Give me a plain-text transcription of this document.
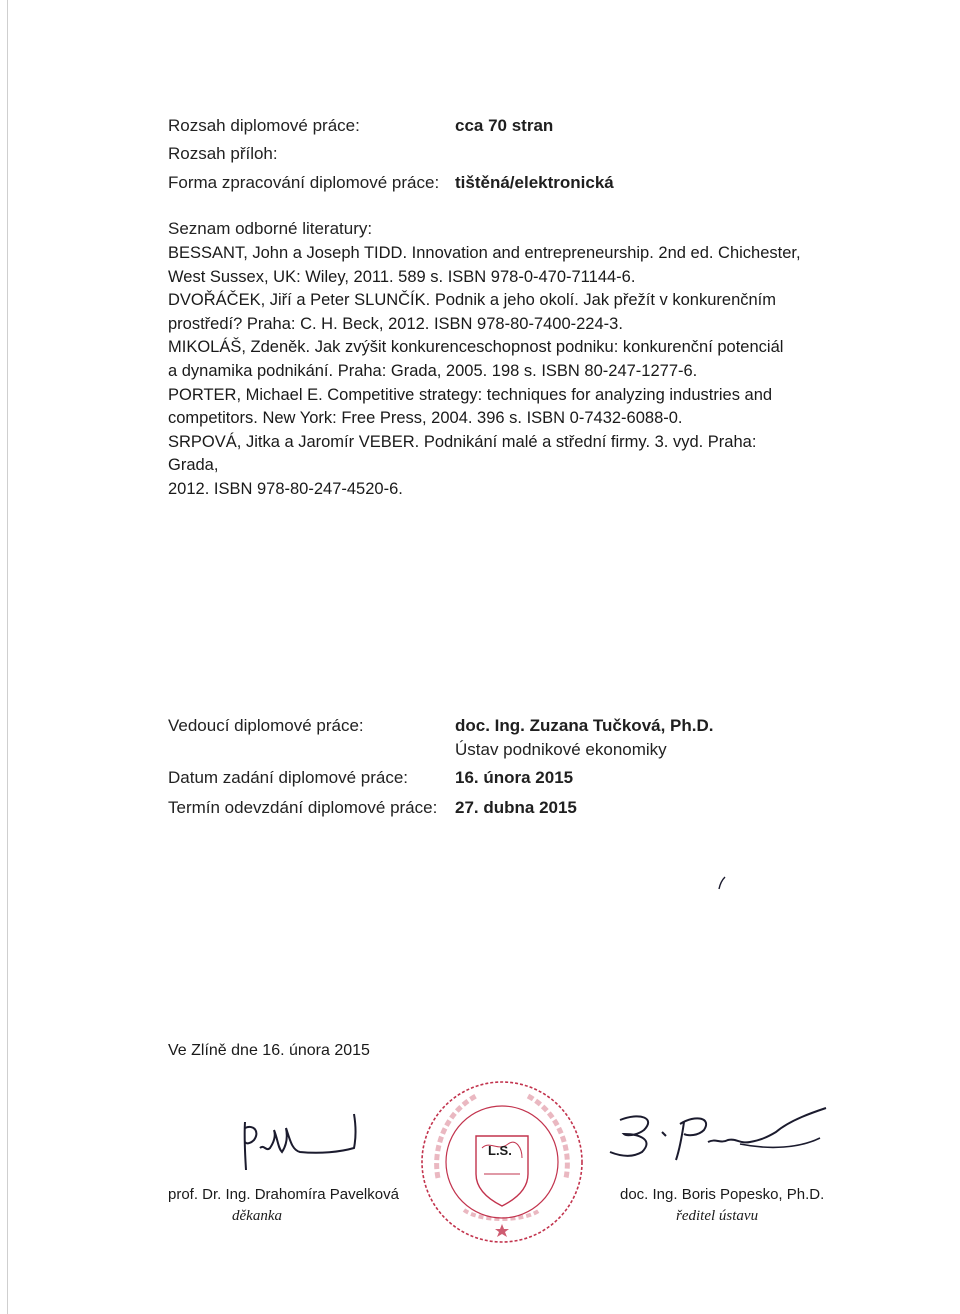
Rozsah diplomové práce:	cca 70 stran
Rozsah příloh:
Forma zpracování diplomové práce: tištěná/elektronická
Seznam odborné literatury:

BESSANT, John a Joseph TIDD. Innovation and entrepreneurship. 2nd ed. Chichester,
West Sussex, UK: Wiley, 2011. 589 s. ISBN 978-0-470-71144-6.

DVOŘÁČEK, Jiří a Peter SLUNČÍK. Podnik a jeho okolí. Jak přežít v konkurenčním
prostředí? Praha: C. H. Beck, 2012. ISBN 978-80-7400-224-3.

MIKOLÁŠ, Zdeněk. Jak zvýšit konkurenceschopnost podniku: konkurenční potenciál
a dynamika podnikání. Praha: Grada, 2005. 198 s. ISBN 80-247-1277-6.

PORTER, Michael E. Competitive strategy: techniques for analyzing industries and
competitors. New York: Free Press, 2004. 396 s. ISBN 0-7432-6088-0.

SRPOVÁ, Jitka a Jaromír VEBER. Podnikání malé a střední firmy. 3. vyd. Praha: Grada,
2012. ISBN 978-80-247-4520-6.

Vedoucí diplomové práce:	doc. Ing. Zuzana Tučková, Ph.D.
Ústav podnikové ekonomiky
Datum zadání diplomové práce:	16. února 2015
Termín odevzdání diplomové práce: 27. dubna 2015
Ve Zlíně dne 16. února 2015
prof. Dr. Ing. Drahomíra Pavelková
děkanka
L.S.
doc. Ing. Boris Popesko, Ph.D.
ředitel ústavu
